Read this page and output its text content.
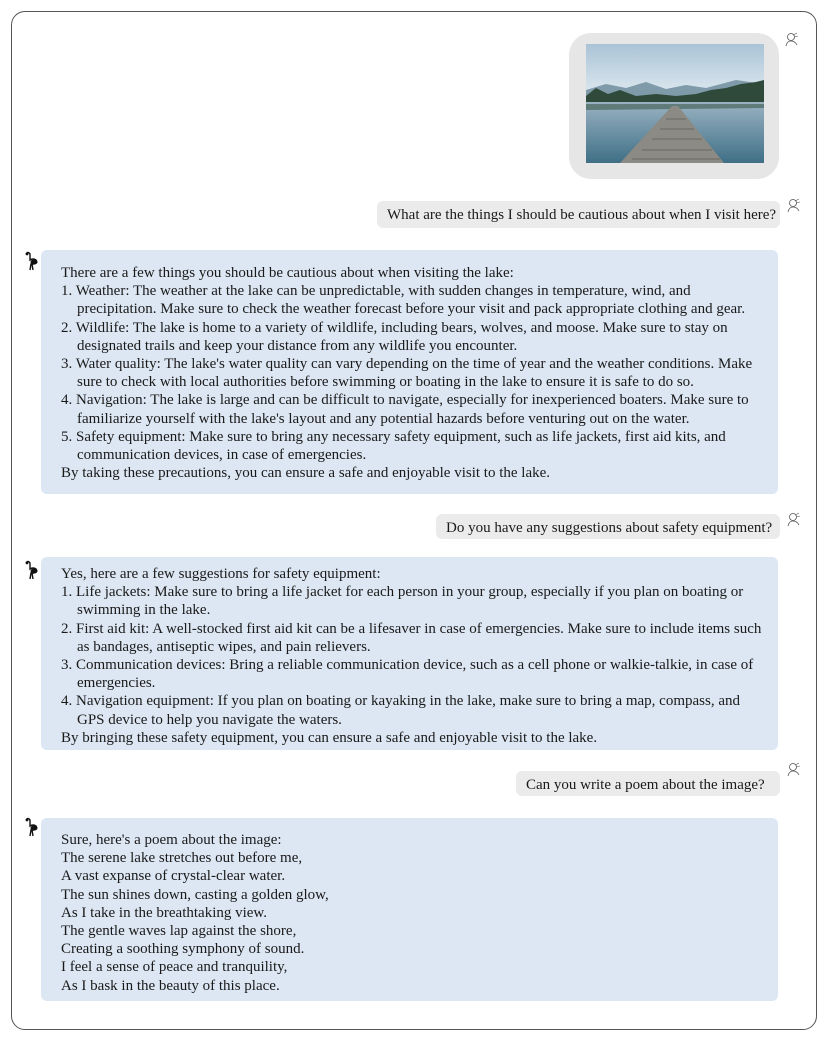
What are the things I should be cautious about when I visit here?
There are a few things you should be cautious about when visiting the lake:
1. Weather: The weather at the lake can be unpredictable, with sudden changes in temperature, wind, and
precipitation. Make sure to check the weather forecast before your visit and pack appropriate clothing and gear.
2. Wildlife: The lake is home to a variety of wildlife, including bears, wolves, and moose. Make sure to stay on
designated trails and keep your distance from any wildlife you encounter.
3. Water quality: The lake's water quality can vary depending on the time of year and the weather conditions. Make
sure to check with local authorities before swimming or boating in the lake to ensure it is safe to do so.
4. Navigation: The lake is large and can be difficult to navigate, especially for inexperienced boaters. Make sure to
familiarize yourself with the lake's layout and any potential hazards before venturing out on the water.
5. Safety equipment: Make sure to bring any necessary safety equipment, such as life jackets, first aid kits, and
communication devices, in case of emergencies.
By taking these precautions, you can ensure a safe and enjoyable visit to the lake.
Do you have any suggestions about safety equipment?
Yes, here are a few suggestions for safety equipment:
1. Life jackets: Make sure to bring a life jacket for each person in your group, especially if you plan on boating or
swimming in the lake.
2. First aid kit: A well-stocked first aid kit can be a lifesaver in case of emergencies. Make sure to include items such
as bandages, antiseptic wipes, and pain relievers.
3. Communication devices: Bring a reliable communication device, such as a cell phone or walkie-talkie, in case of
emergencies.
4. Navigation equipment: If you plan on boating or kayaking in the lake, make sure to bring a map, compass, and
GPS device to help you navigate the waters.
By bringing these safety equipment, you can ensure a safe and enjoyable visit to the lake.
Can you write a poem about the image?
Sure, here's a poem about the image:
The serene lake stretches out before me,
A vast expanse of crystal-clear water.
The sun shines down, casting a golden glow,
As I take in the breathtaking view.
The gentle waves lap against the shore,
Creating a soothing symphony of sound.
I feel a sense of peace and tranquility,
As I bask in the beauty of this place.
